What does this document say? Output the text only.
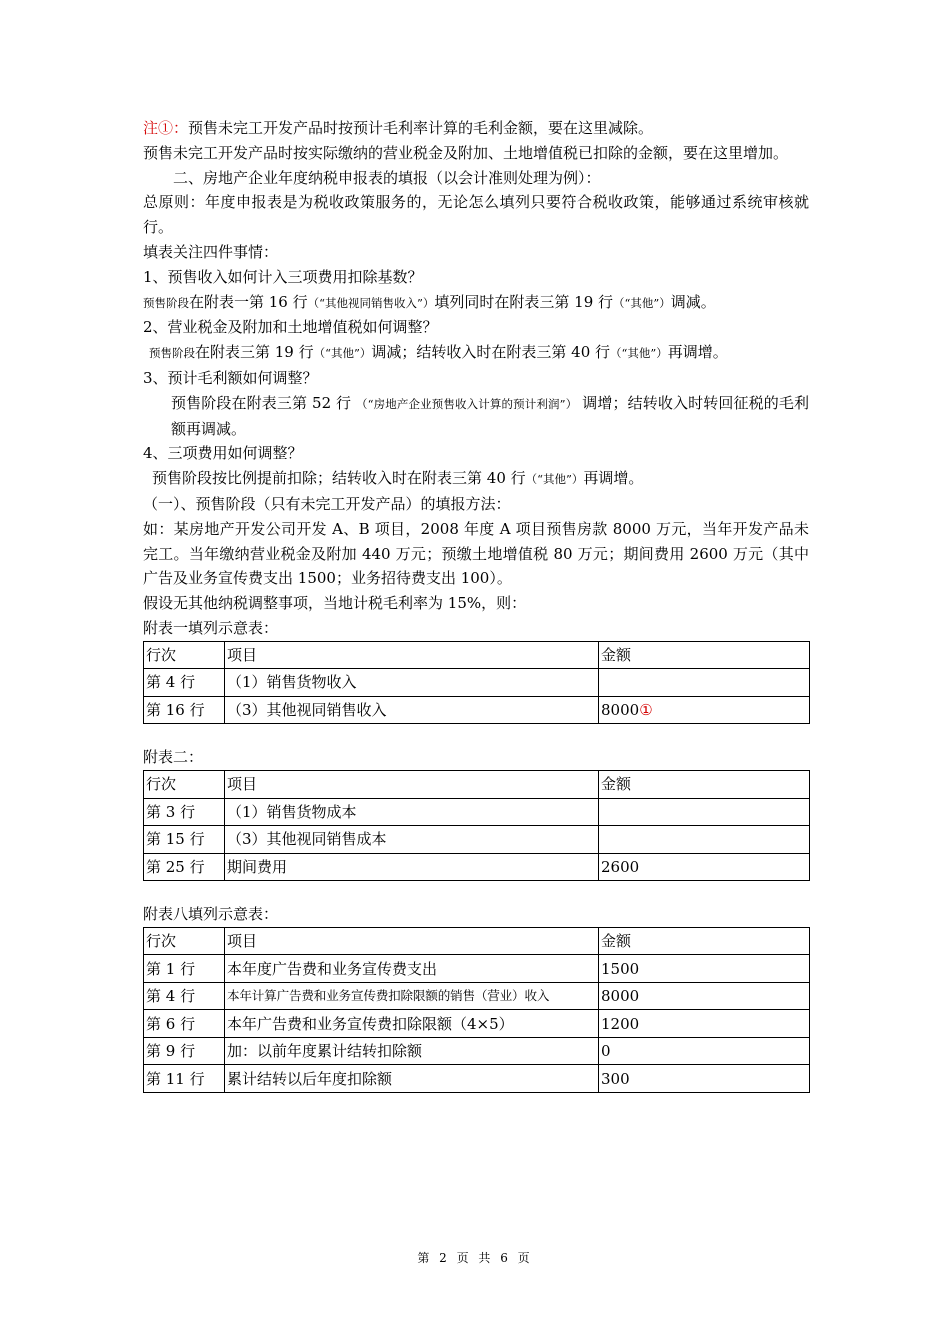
注①：预售未完工开发产品时按预计毛利率计算的毛利金额，要在这里减除。
预售未完工开发产品时按实际缴纳的营业税金及附加、土地增值税已扣除的金额，要在这里增加。
二、房地产企业年度纳税申报表的填报（以会计准则处理为例）：
总原则：年度申报表是为税收政策服务的，无论怎么填列只要符合税收政策，能够通过系统审核就行。
填表关注四件事情：
1、预售收入如何计入三项费用扣除基数？
预售阶段在附表一第 16 行（“其他视同销售收入”）填列同时在附表三第 19 行（“其他”）调减。
2、营业税金及附加和土地增值税如何调整？
预售阶段在附表三第 19 行（“其他”）调减；结转收入时在附表三第 40 行（“其他”）再调增。
3、预计毛利额如何调整？
预售阶段在附表三第 52 行 （“房地产企业预售收入计算的预计利润”） 调增；结转收入时转回征税的毛利额再调减。
4、三项费用如何调整？
预售阶段按比例提前扣除；结转收入时在附表三第 40 行（“其他”）再调增。
（一）、预售阶段（只有未完工开发产品）的填报方法：
如：某房地产开发公司开发 A、B 项目，2008 年度 A 项目预售房款 8000 万元，当年开发产品未完工。当年缴纳营业税金及附加 440 万元；预缴土地增值税 80 万元；期间费用 2600 万元（其中广告及业务宣传费支出 1500；业务招待费支出 100）。
假设无其他纳税调整事项，当地计税毛利率为 15%，则：
附表一填列示意表：
行次	项目	金额
第 4 行	（1）销售货物收入	
第 16 行	（3）其他视同销售收入	8000①
附表二：
行次	项目	金额
第 3 行	（1）销售货物成本	
第 15 行	（3）其他视同销售成本	
第 25 行	期间费用	2600
附表八填列示意表：
行次	项目	金额
第 1 行	本年度广告费和业务宣传费支出	1500
第 4 行	本年计算广告费和业务宣传费扣除限额的销售（营业）收入	8000
第 6 行	本年广告费和业务宣传费扣除限额（4×5）	1200
第 9 行	加：以前年度累计结转扣除额	0
第 11 行	累计结转以后年度扣除额	300
第 2 页 共 6 页
